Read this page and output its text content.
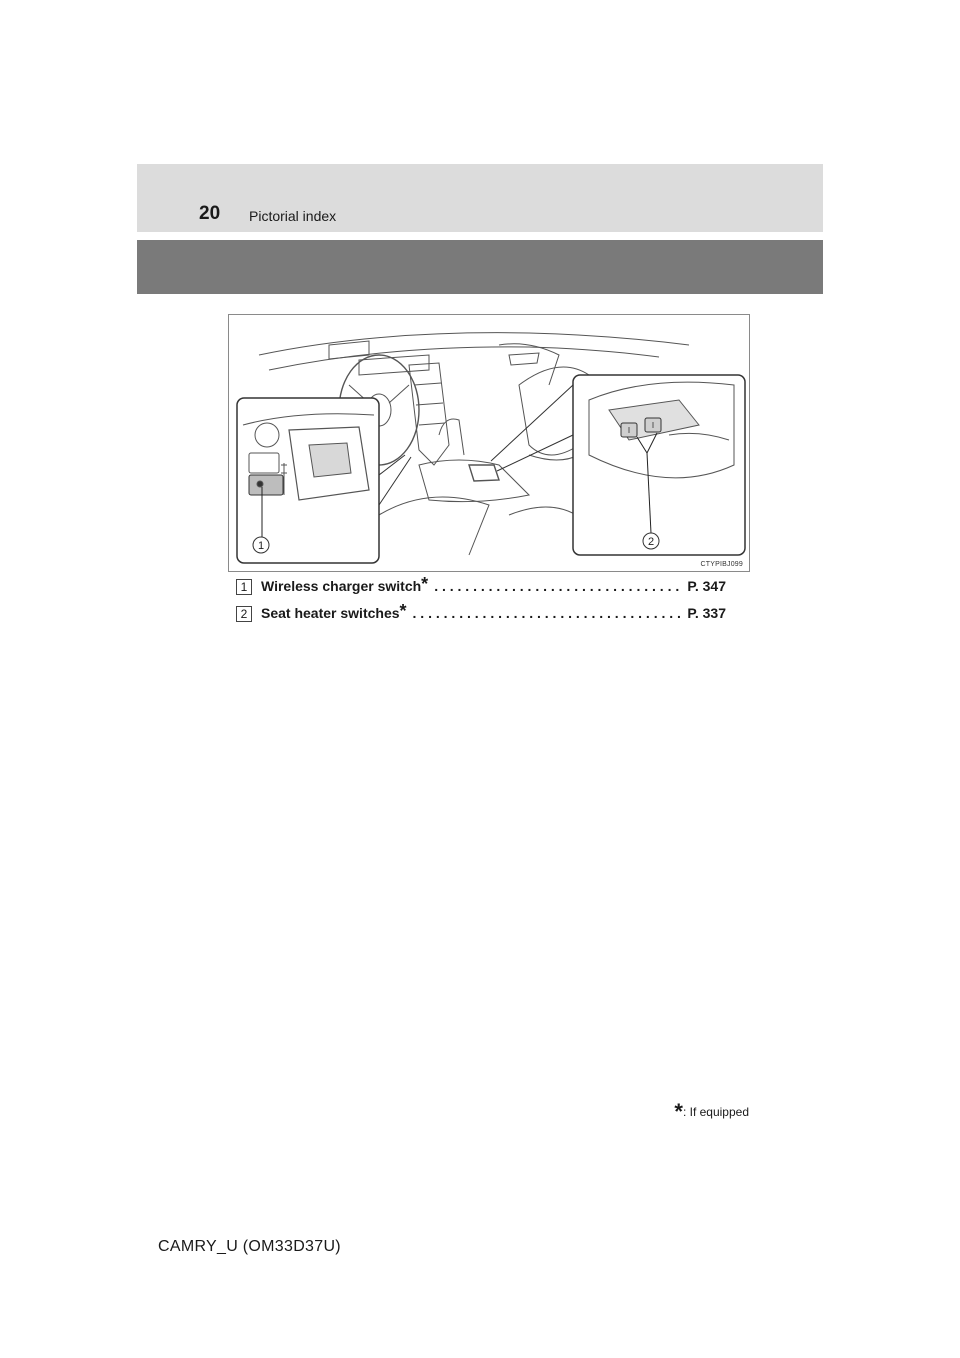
20 Pictorial index
1	2
CTYPIBJ099
1 Wireless charger switch * . . .	P. 347
2 Seat heater switches * . . .	P. 337
*: If equipped
CAMRY_U (OM33D37U)
